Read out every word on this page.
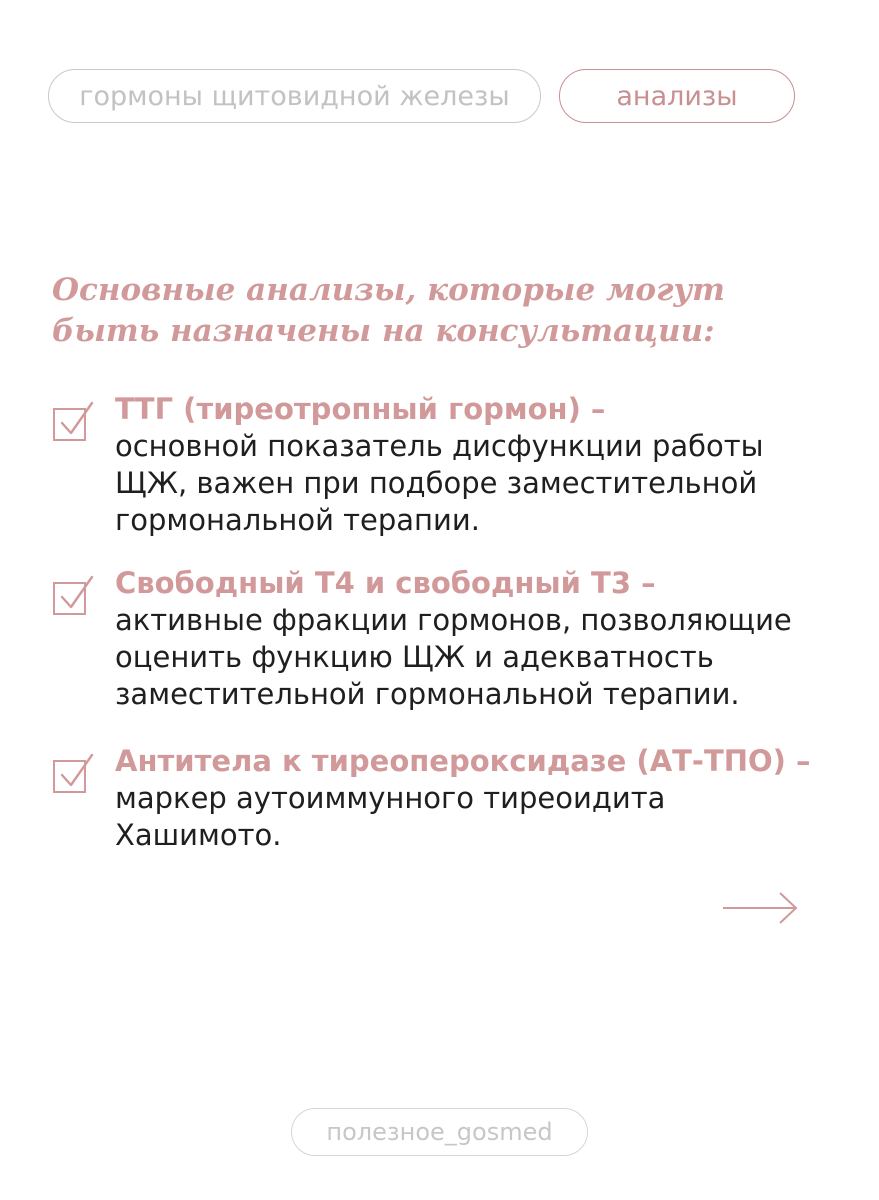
гормоны щитовидной железы	анализы
Основные анализы, которые могут
быть назначены на консультации:
ТТГ (тиреотропный гормон) –
основной показатель дисфункции работы
ЩЖ, важен при подборе заместительной
гормональной терапии.
Свободный Т4 и свободный Т3 –
активные фракции гормонов, позволяющие
оценить функцию ЩЖ и адекватность
заместительной гормональной терапии.
Антитела к тиреопероксидазе (АТ-ТПО) –
маркер аутоиммунного тиреоидита
Хашимото.
полезное_gosmed
